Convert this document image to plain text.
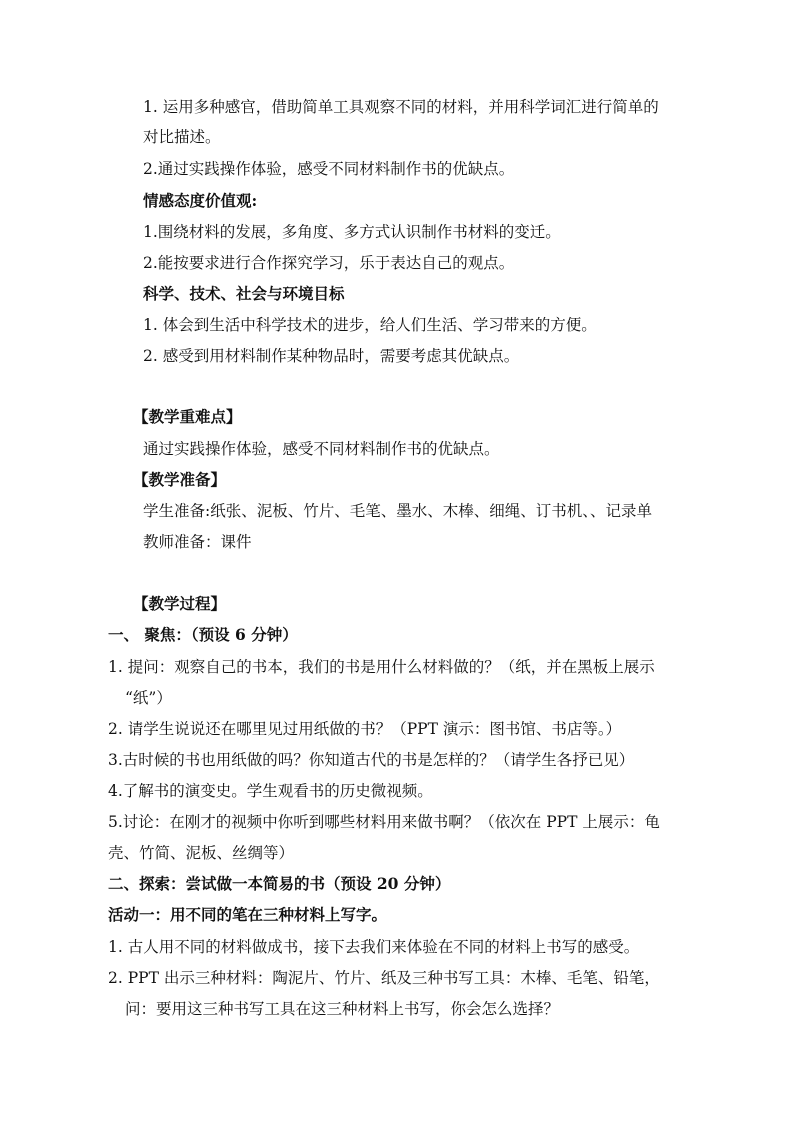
1. 运用多种感官，借助简单工具观察不同的材料，并用科学词汇进行简单的
对比描述。
2.通过实践操作体验，感受不同材料制作书的优缺点。
情感态度价值观:
1.围绕材料的发展，多角度、多方式认识制作书材料的变迁。
2.能按要求进行合作探究学习，乐于表达自己的观点。
科学、技术、社会与环境目标
1. 体会到生活中科学技术的进步，给人们生活、学习带来的方便。
2. 感受到用材料制作某种物品时，需要考虑其优缺点。
【教学重难点】
通过实践操作体验，感受不同材料制作书的优缺点。
【教学准备】
学生准备:纸张、泥板、竹片、毛笔、墨水、木棒、细绳、订书机、、记录单
教师准备：课件
【教学过程】
一、 聚焦：（预设 6 分钟）
1. 提问：观察自己的书本，我们的书是用什么材料做的？（纸，并在黑板上展示
“纸”）
2. 请学生说说还在哪里见过用纸做的书？（PPT 演示：图书馆、书店等。）
3.古时候的书也用纸做的吗？你知道古代的书是怎样的？（请学生各抒已见）
4.了解书的演变史。学生观看书的历史微视频。
5.讨论：在刚才的视频中你听到哪些材料用来做书啊？（依次在 PPT 上展示：龟
壳、竹简、泥板、丝绸等）
二、探索：尝试做一本简易的书（预设 20 分钟）
活动一：用不同的笔在三种材料上写字。
1. 古人用不同的材料做成书，接下去我们来体验在不同的材料上书写的感受。
2. PPT 出示三种材料：陶泥片、竹片、纸及三种书写工具：木棒、毛笔、铅笔，
问：要用这三种书写工具在这三种材料上书写，你会怎么选择？
